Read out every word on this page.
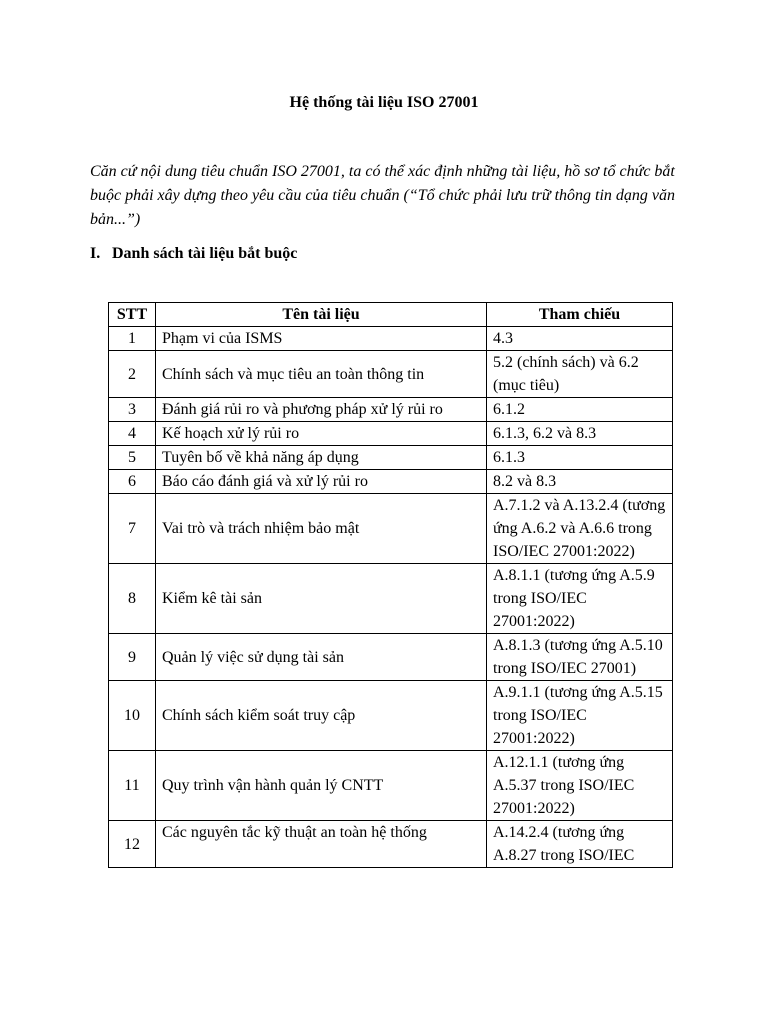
Hệ thống tài liệu ISO 27001
Căn cứ nội dung tiêu chuẩn ISO 27001, ta có thể xác định những tài liệu, hồ sơ tổ chức bắt buộc phải xây dựng theo yêu cầu của tiêu chuẩn (“Tổ chức phải lưu trữ thông tin dạng văn bản...”)
I. Danh sách tài liệu bắt buộc
STT	Tên tài liệu	Tham chiếu
1	Phạm vi của ISMS	4.3
2	Chính sách và mục tiêu an toàn thông tin	5.2 (chính sách) và 6.2 (mục tiêu)
3	Đánh giá rủi ro và phương pháp xử lý rủi ro	6.1.2
4	Kế hoạch xử lý rủi ro	6.1.3, 6.2 và 8.3
5	Tuyên bố về khả năng áp dụng	6.1.3
6	Báo cáo đánh giá và xử lý rủi ro	8.2 và 8.3
7	Vai trò và trách nhiệm bảo mật	A.7.1.2 và A.13.2.4 (tương ứng A.6.2 và A.6.6 trong ISO/IEC 27001:2022)
8	Kiểm kê tài sản	A.8.1.1 (tương ứng A.5.9 trong ISO/IEC 27001:2022)
9	Quản lý việc sử dụng tài sản	A.8.1.3 (tương ứng A.5.10 trong ISO/IEC 27001)
10	Chính sách kiểm soát truy cập	A.9.1.1 (tương ứng A.5.15 trong ISO/IEC 27001:2022)
11	Quy trình vận hành quản lý CNTT	A.12.1.1 (tương ứng A.5.37 trong ISO/IEC 27001:2022)
12	Các nguyên tắc kỹ thuật an toàn hệ thống	A.14.2.4 (tương ứng A.8.27 trong ISO/IEC
